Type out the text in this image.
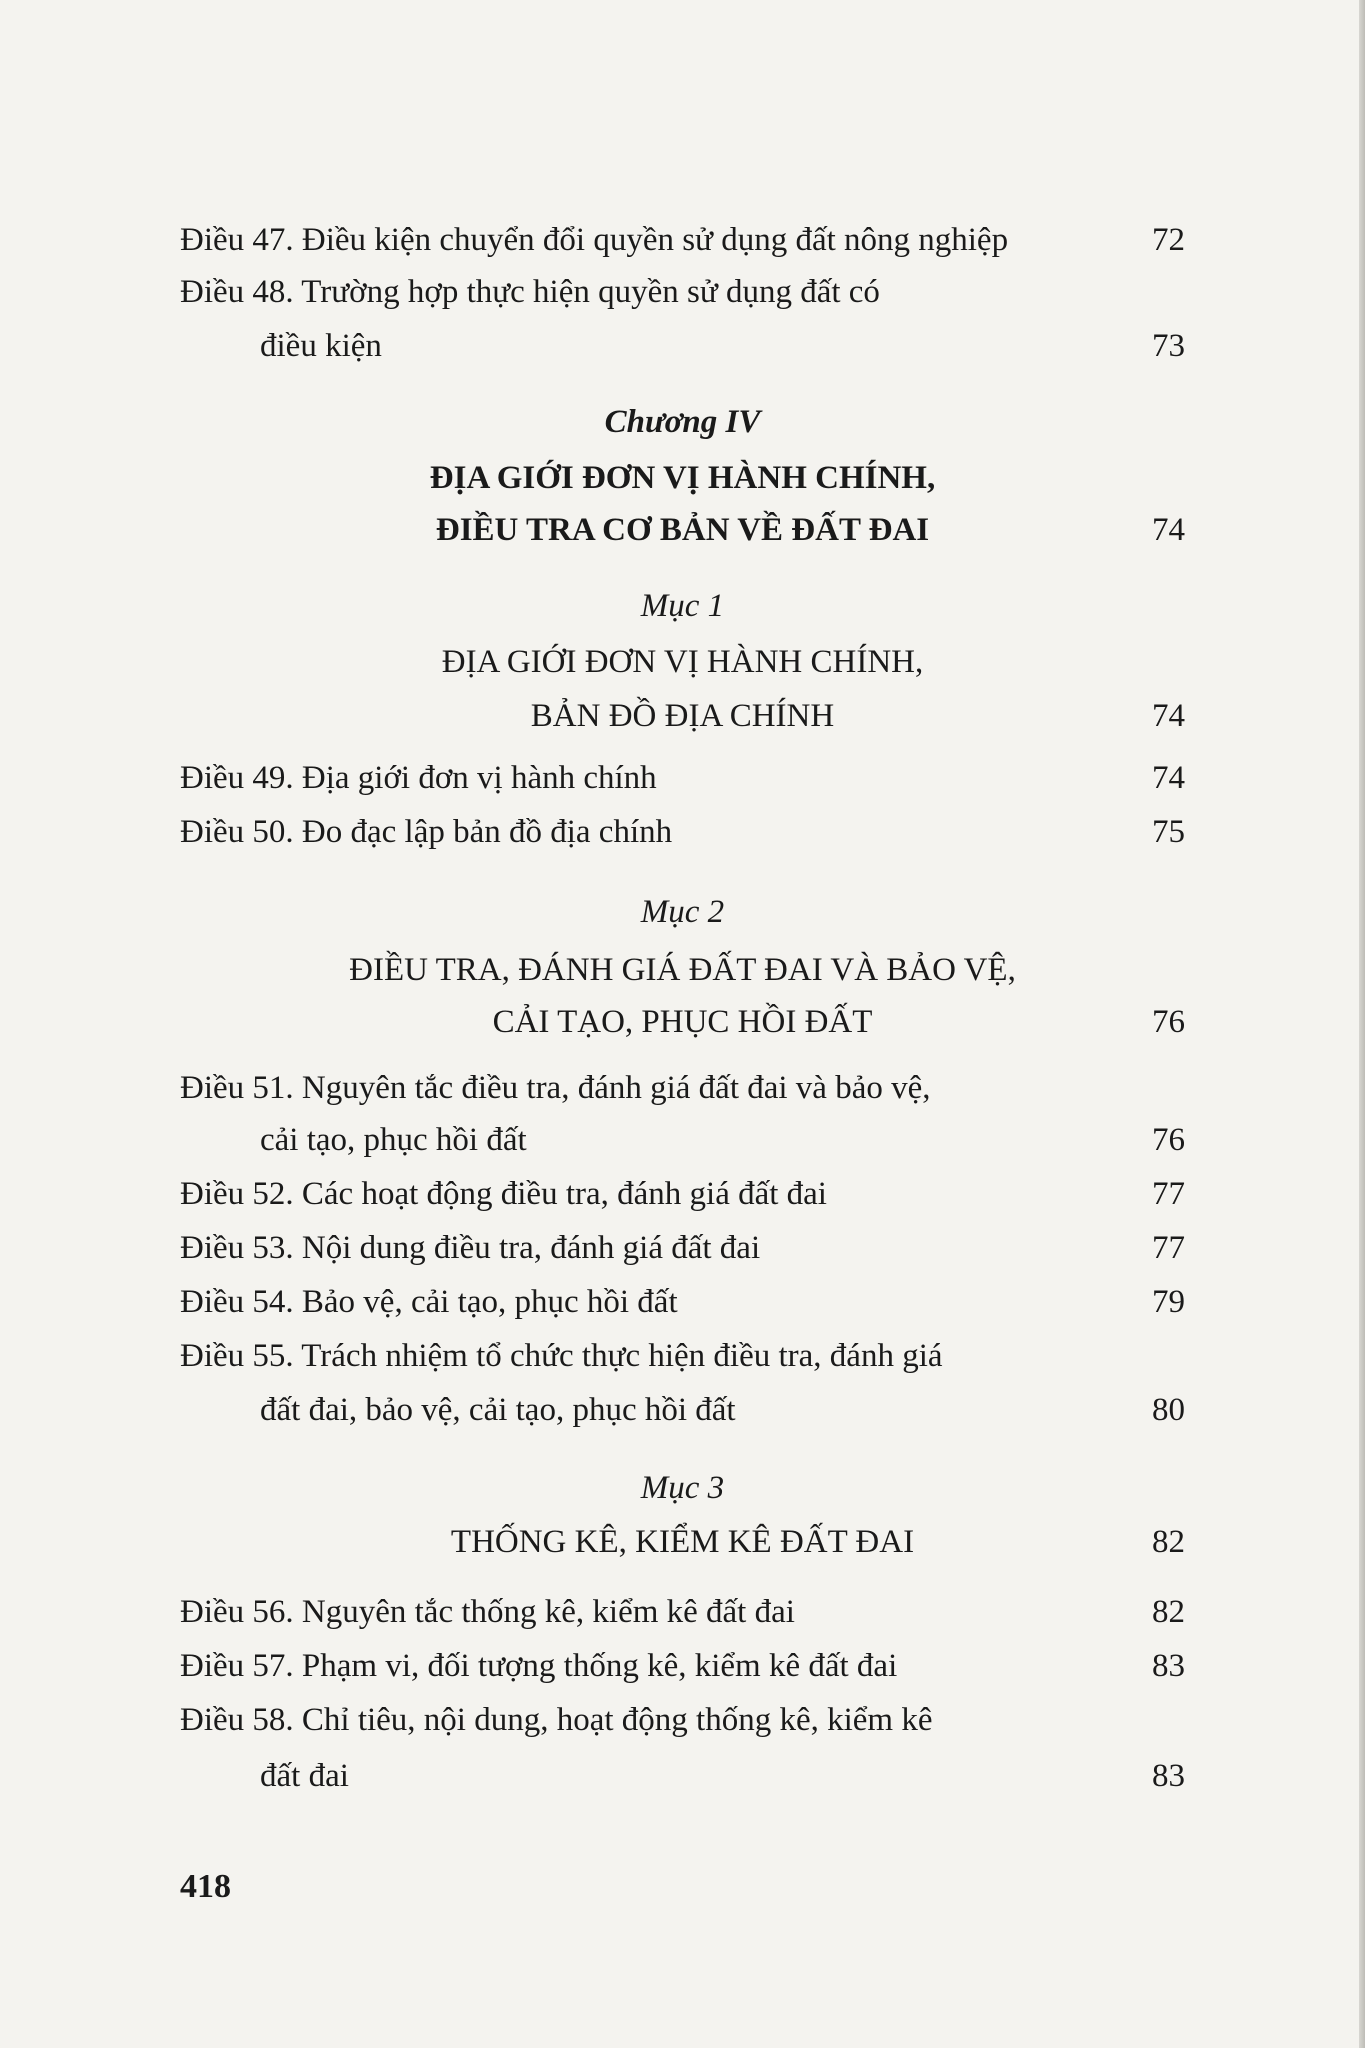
Điều 47. Điều kiện chuyển đổi quyền sử dụng đất nông nghiệp	72
Điều 48. Trường hợp thực hiện quyền sử dụng đất có
điều kiện	73
Chương IV
ĐỊA GIỚI ĐƠN VỊ HÀNH CHÍNH,
ĐIỀU TRA CƠ BẢN VỀ ĐẤT ĐAI	74
Mục 1
ĐỊA GIỚI ĐƠN VỊ HÀNH CHÍNH,
BẢN ĐỒ ĐỊA CHÍNH	74
Điều 49. Địa giới đơn vị hành chính	74
Điều 50. Đo đạc lập bản đồ địa chính	75
Mục 2
ĐIỀU TRA, ĐÁNH GIÁ ĐẤT ĐAI VÀ BẢO VỆ,
CẢI TẠO, PHỤC HỒI ĐẤT	76
Điều 51. Nguyên tắc điều tra, đánh giá đất đai và bảo vệ,
cải tạo, phục hồi đất	76
Điều 52. Các hoạt động điều tra, đánh giá đất đai	77
Điều 53. Nội dung điều tra, đánh giá đất đai	77
Điều 54. Bảo vệ, cải tạo, phục hồi đất	79
Điều 55. Trách nhiệm tổ chức thực hiện điều tra, đánh giá
đất đai, bảo vệ, cải tạo, phục hồi đất	80
Mục 3
THỐNG KÊ, KIỂM KÊ ĐẤT ĐAI	82
Điều 56. Nguyên tắc thống kê, kiểm kê đất đai	82
Điều 57. Phạm vi, đối tượng thống kê, kiểm kê đất đai	83
Điều 58. Chỉ tiêu, nội dung, hoạt động thống kê, kiểm kê
đất đai	83
418
